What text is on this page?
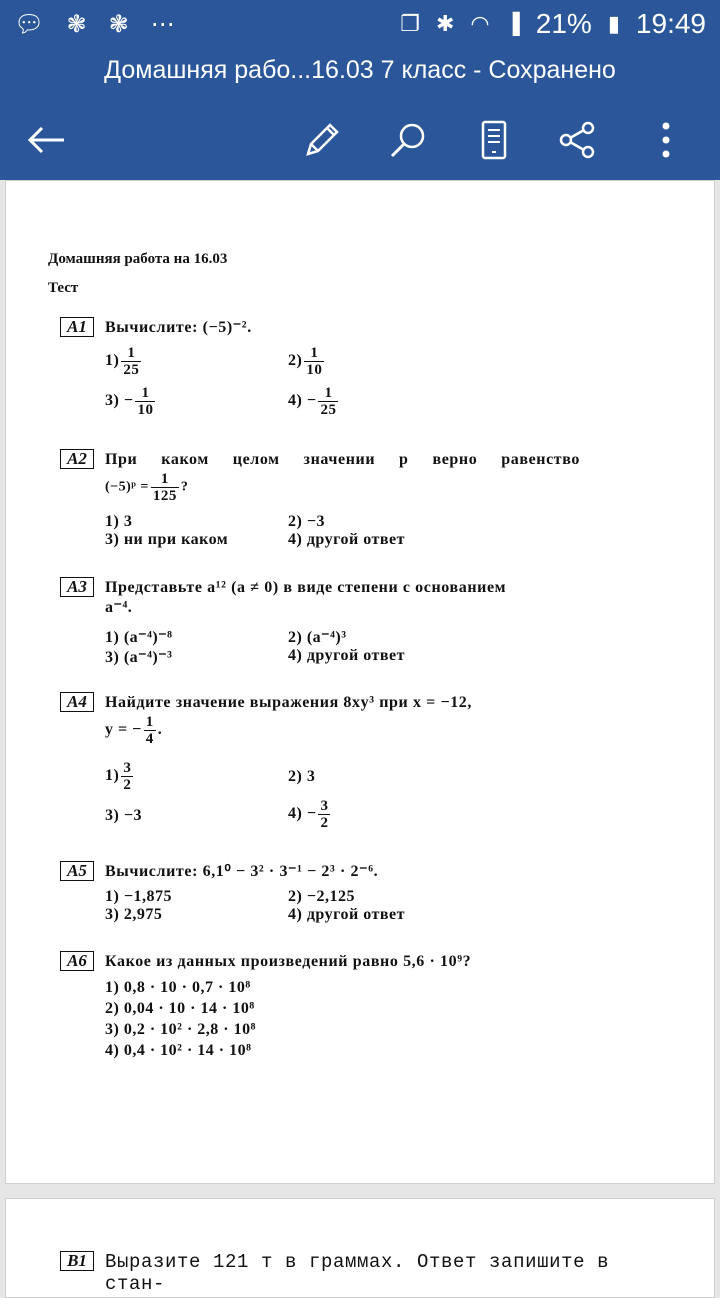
💬︎ ❃ ❃ ⋯	❐ ✱ ◠ ▐ 21% ▮ 19:49
Домашняя рабо...16.03 7 класс - Сохранено
Домашняя работа на 16.03
Тест
A1	Вычислите: (−5)⁻².
$1) \frac{1}{25}$	$2) \frac{1}{10}$
$3) - \frac{1}{10}$	$4) - \frac{1}{25}$
A2	При каком целом значении p верно равенство
(−5)ᵖ = $\frac{1}{125}$ ?
1) 3	2) −3
3) ни при каком	4) другой ответ
A3	Представьте a¹² (a ≠ 0) в виде степени с основанием
a⁻⁴.
1) (a⁻⁴)⁻⁸	2) (a⁻⁴)³
3) (a⁻⁴)⁻³	4) другой ответ
A4	Найдите значение выражения 8xy³ при x = −12,
y = − $\frac{1}{4}$ .
$1) \frac{3}{2}$	2) 3
3) −3	$4) - \frac{3}{2}$
A5	Вычислите: 6,1⁰ − 3² · 3⁻¹ − 2³ · 2⁻⁶.
1) −1,875	2) −2,125
3) 2,975	4) другой ответ
A6	Какое из данных произведений равно 5,6 · 10⁹?
1) 0,8 · 10 · 0,7 · 10⁸
2) 0,04 · 10 · 14 · 10⁸
3) 0,2 · 10² · 2,8 · 10⁸
4) 0,4 · 10² · 14 · 10⁸
B1 Выразите 121 т в граммах. Ответ запишите в стан-
